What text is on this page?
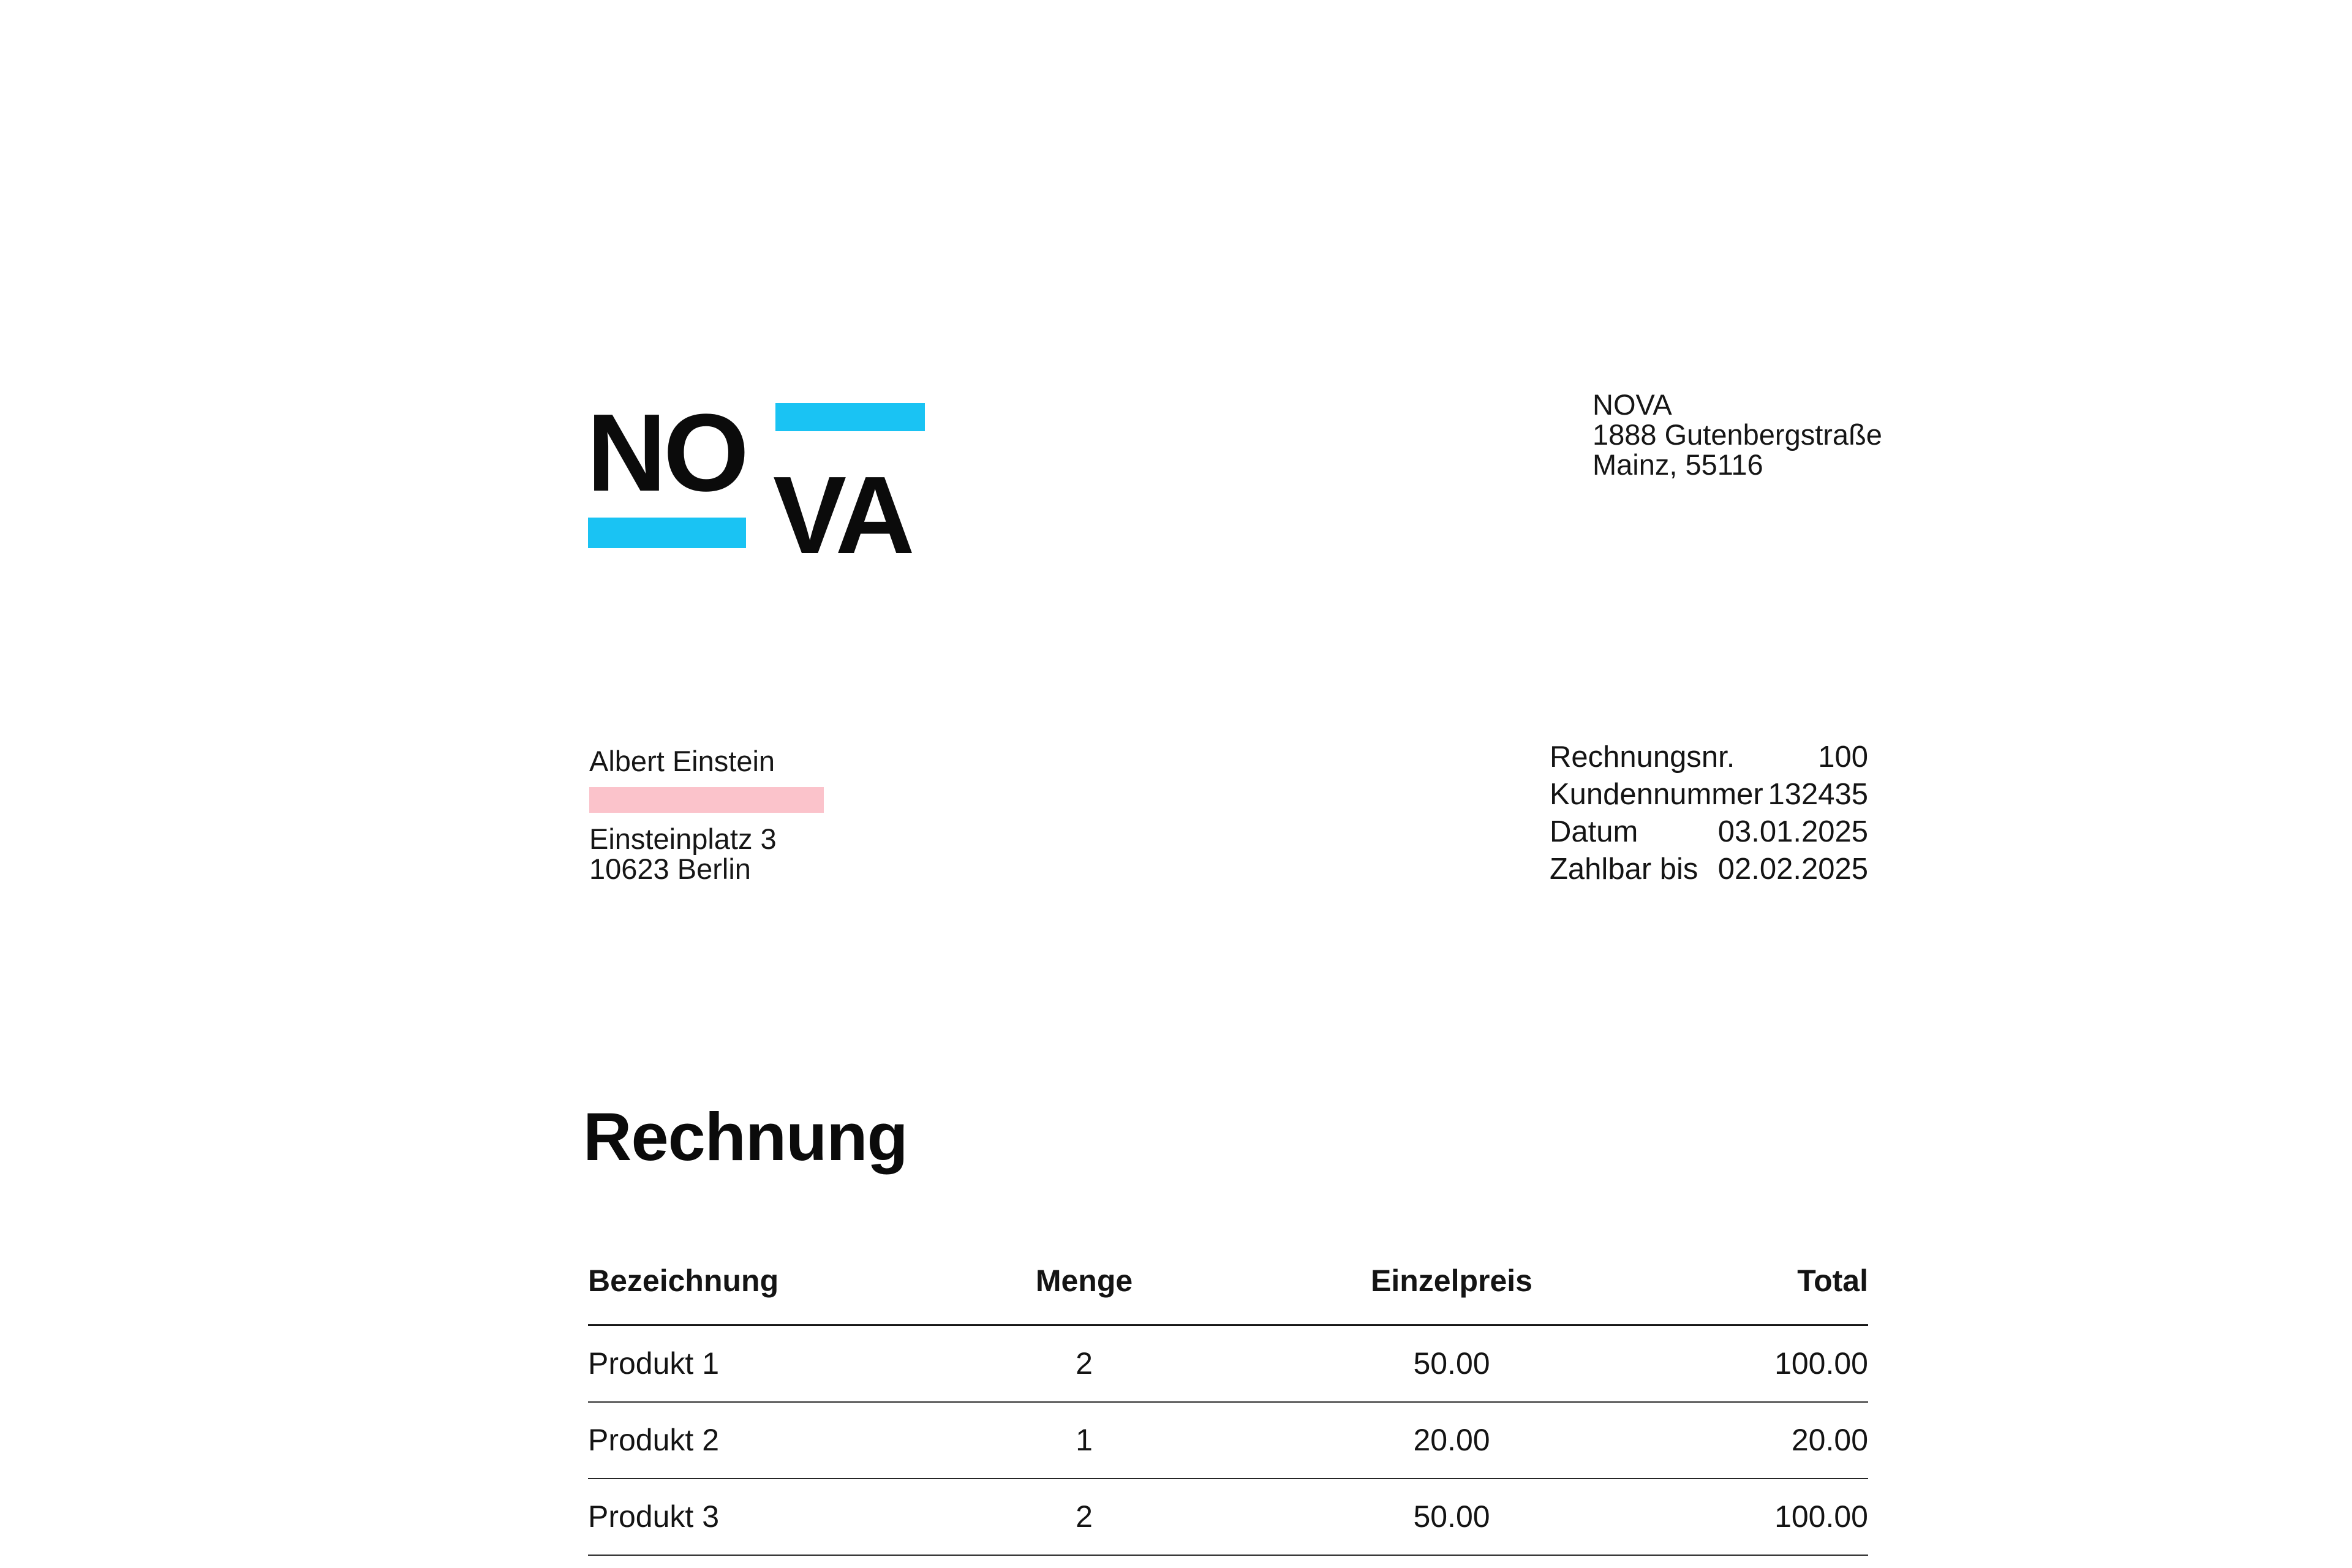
NO
VA
NOVA
1888 Gutenbergstraße
Mainz, 55116
Albert Einstein
Einsteinplatz 3
10623 Berlin
Rechnungsnr.	100
Kundennummer 132435
Datum	03.01.2025
Zahlbar bis 02.02.2025
Rechnung
Bezeichnung	Menge	Einzelpreis	Total
Produkt 1	2	50.00	100.00
Produkt 2	1	20.00	20.00
Produkt 3	2	50.00	100.00
